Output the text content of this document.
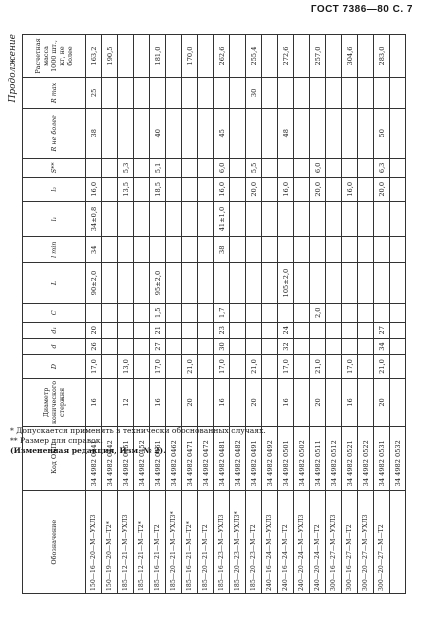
ГОСТ 7386—80 С. 7
Продолжение
Обозначение	Код ОКП	Диаметр конического стержня	D	d	d₁	C	L	l min	l₁	l₂	S**	R не более	R max	Расчетная масса 1000 шт., кг, не более
150—16—20—М—УХЛ3	34 4982 0441	16	17,0	26	20		90±2,0	34	34±0,8	16,0		38	25	163,2
150—19—20—М—Т2*	34 4982 0442													190,5
185—12—21—М—УХЛ3	34 4982 0451	12	13,0							13,5	5,3			
185—12—21—М—Т2*	34 4982 0452													
185—16—21—М—Т2	34 4982 0461	16	17,0	27	21	1,5	95±2,0			18,5	5,1	40		181,0
185—20—21—М—УХЛ3*	34 4982 0462													
185—16—21—М—Т2*	34 4982 0471	20	21,0											170,0
185—20—21—М—Т2	34 4982 0472													
185—16—23—М—УХЛ3	34 4982 0481	16	17,0	30	23	1,7		38	41±1,0	16,0	6,0	45		262,6
185—20—23—М—УХЛ3*	34 4982 0482													
185—20—23—М—Т2	34 4982 0491	20	21,0							20,0	5,5		30	255,4
240—16—24—М—УХЛ3	34 4982 0492													
240—16—24—М—Т2	34 4982 0501	16	17,0	32	24		105±2,0			16,0		48		272,6
240—20—24—М—УХЛ3	34 4982 0502													
240—20—24—М—Т2	34 4982 0511	20	21,0			2,0				20,0	6,0			257,0
300—16—27—М—УХЛ3	34 4982 0512													
300—16—27—М—Т2	34 4982 0521	16	17,0							16,0				304,6
300—20—27—М—УХЛ3	34 4982 0522													
300—20—27—М—Т2	34 4982 0531	20	21,0	34	27					20,0	6,3	50		283,0
	34 4982 0532													
* Допускается применять в технически обоснованных случаях.
** Размер для справок.
(Измененная редакция, Изм. № 2).
